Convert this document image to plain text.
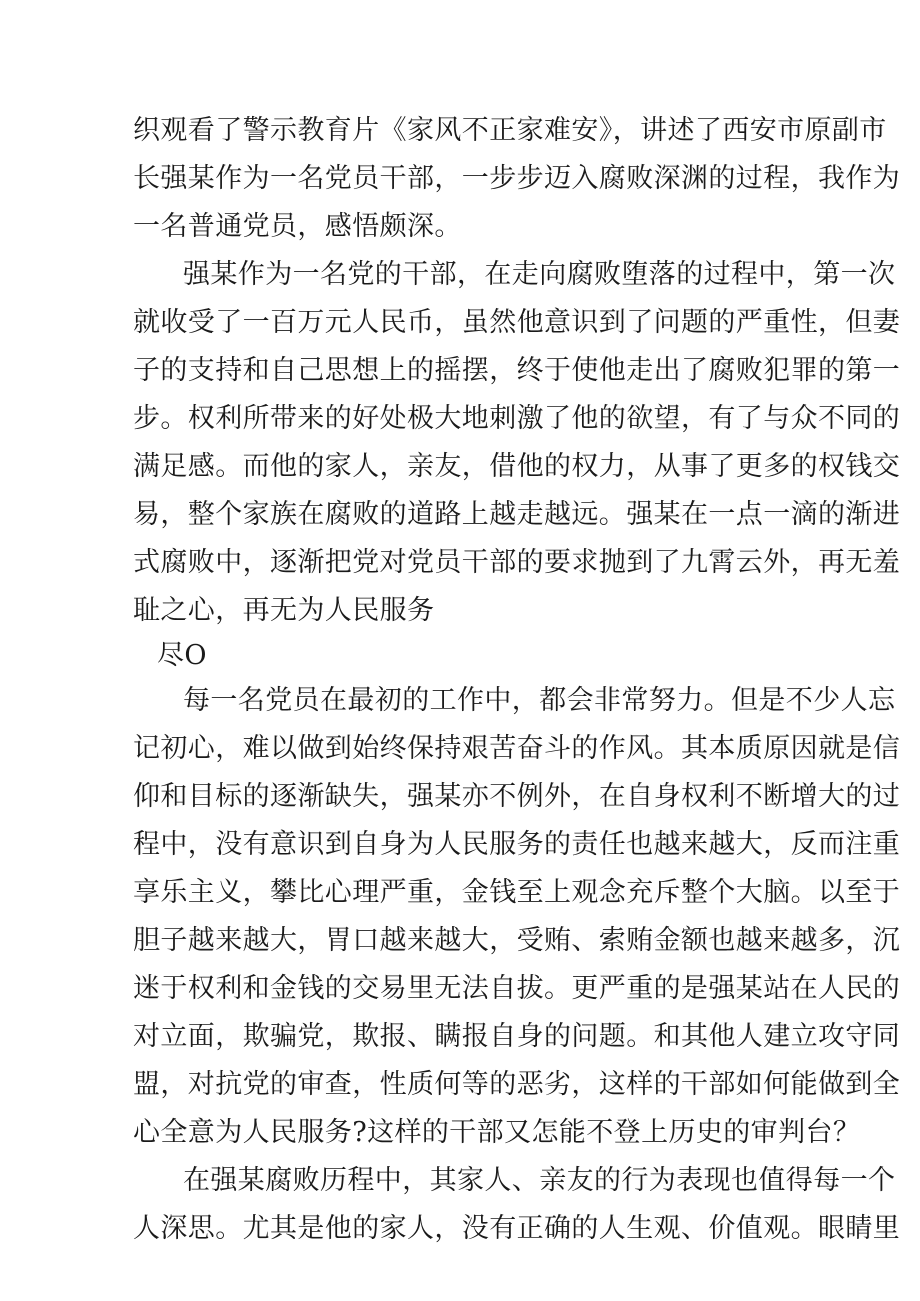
织观看了警示教育片《家风不正家难安》，讲述了西安市原副市
长强某作为一名党员干部，一步步迈入腐败深渊的过程，我作为
一名普通党员，感悟颇深。
强某作为一名党的干部，在走向腐败堕落的过程中，第一次
就收受了一百万元人民币，虽然他意识到了问题的严重性，但妻
子的支持和自己思想上的摇摆，终于使他走出了腐败犯罪的第一
步。权利所带来的好处极大地刺激了他的欲望，有了与众不同的
满足感。而他的家人，亲友，借他的权力，从事了更多的权钱交
易，整个家族在腐败的道路上越走越远。强某在一点一滴的渐进
式腐败中，逐渐把党对党员干部的要求抛到了九霄云外，再无羞
耻之心，再无为人民服务
尽O
每一名党员在最初的工作中，都会非常努力。但是不少人忘
记初心，难以做到始终保持艰苦奋斗的作风。其本质原因就是信
仰和目标的逐渐缺失，强某亦不例外，在自身权利不断增大的过
程中，没有意识到自身为人民服务的责任也越来越大，反而注重
享乐主义，攀比心理严重，金钱至上观念充斥整个大脑。以至于
胆子越来越大，胃口越来越大，受贿、索贿金额也越来越多，沉
迷于权利和金钱的交易里无法自拔。更严重的是强某站在人民的
对立面，欺骗党，欺报、瞒报自身的问题。和其他人建立攻守同
盟，对抗党的审查，性质何等的恶劣，这样的干部如何能做到全
心全意为人民服务?这样的干部又怎能不登上历史的审判台？
在强某腐败历程中，其家人、亲友的行为表现也值得每一个
人深思。尤其是他的家人，没有正确的人生观、价值观。眼睛里
